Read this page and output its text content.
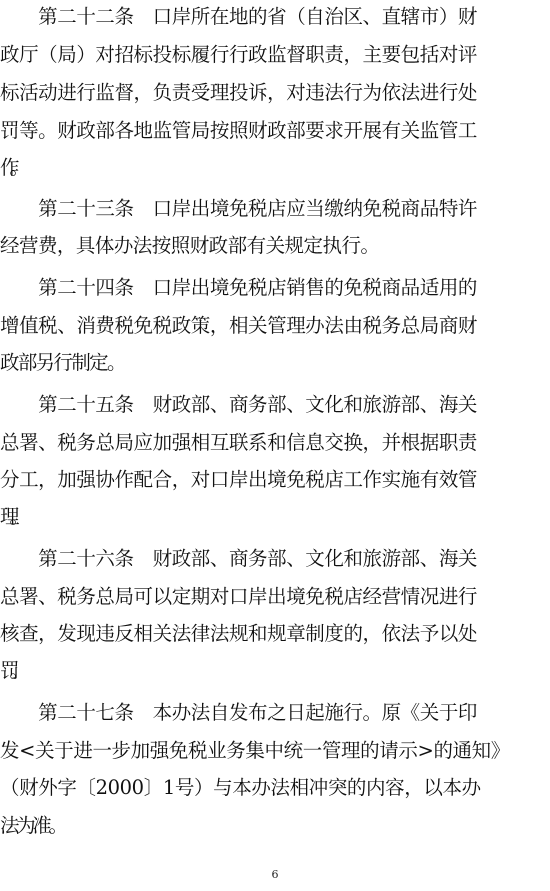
　　第二十二条　口岸所在地的省（自治区、直辖市）财
政厅（局）对招标投标履行行政监督职责，主要包括对评
标活动进行监督，负责受理投诉，对违法行为依法进行处
罚等。财政部各地监管局按照财政部要求开展有关监管工
作。
　　第二十三条　口岸出境免税店应当缴纳免税商品特许
经营费，具体办法按照财政部有关规定执行。
　　第二十四条　口岸出境免税店销售的免税商品适用的
增值税、消费税免税政策，相关管理办法由税务总局商财
政部另行制定。
　　第二十五条　财政部、商务部、文化和旅游部、海关
总署、税务总局应加强相互联系和信息交换，并根据职责
分工，加强协作配合，对口岸出境免税店工作实施有效管
理。
　　第二十六条　财政部、商务部、文化和旅游部、海关
总署、税务总局可以定期对口岸出境免税店经营情况进行
核查，发现违反相关法律法规和规章制度的，依法予以处
罚。
　　第二十七条　本办法自发布之日起施行。原《关于印
发<关于进一步加强免税业务集中统一管理的请示>的通知》
（财外字〔2000〕1号）与本办法相冲突的内容，以本办
法为准。
6
